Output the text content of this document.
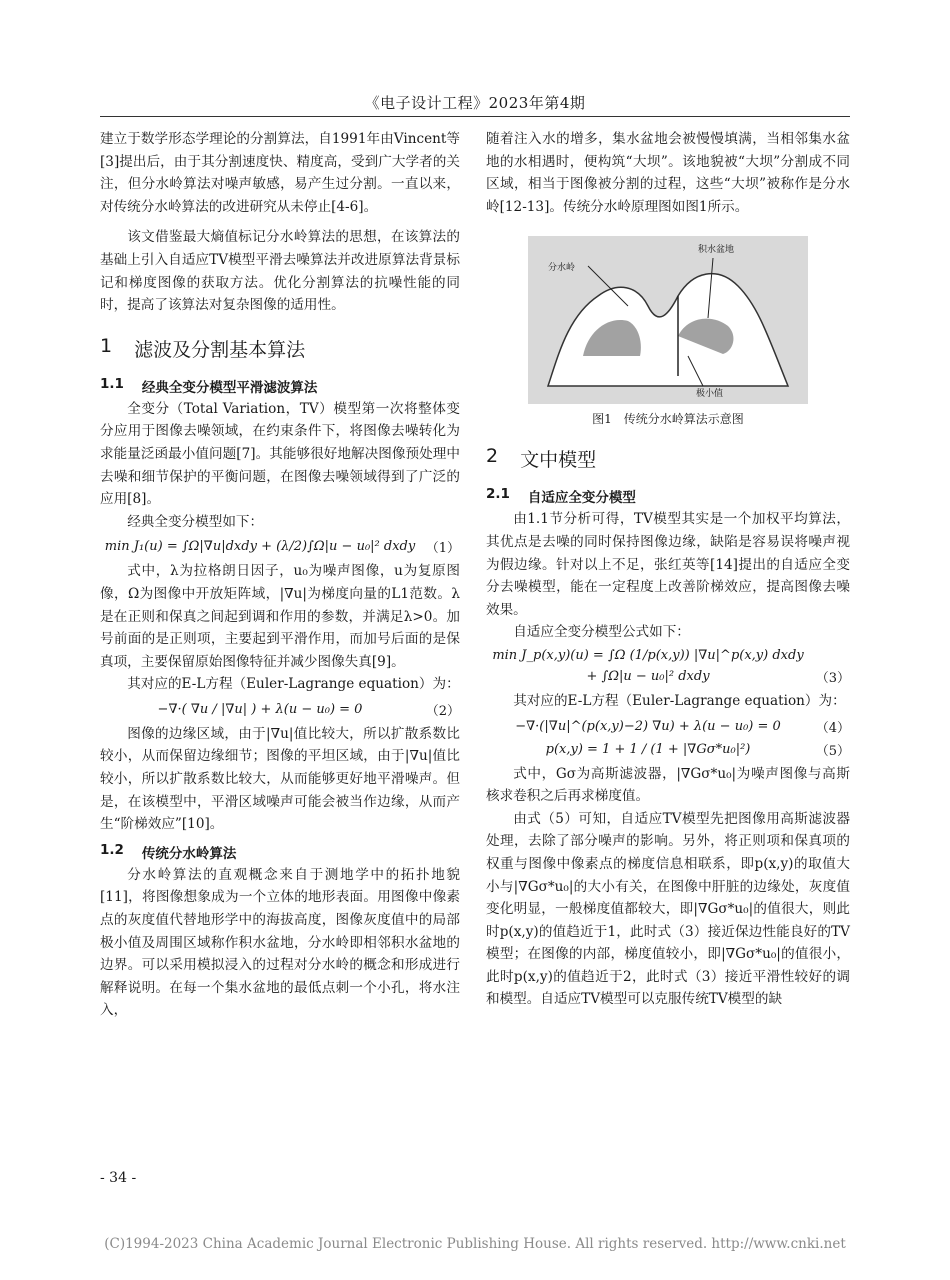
《电子设计工程》2023年第4期

建立于数学形态学理论的分割算法，自1991年由Vincent等[3]提出后，由于其分割速度快、精度高，受到广大学者的关注，但分水岭算法对噪声敏感，易产生过分割。一直以来，对传统分水岭算法的改进研究从未停止[4-6]。

该文借鉴最大熵值标记分水岭算法的思想，在该算法的基础上引入自适应TV模型平滑去噪算法并改进原算法背景标记和梯度图像的获取方法。优化分割算法的抗噪性能的同时，提高了该算法对复杂图像的适用性。

1 滤波及分割基本算法
1.1 经典全变分模型平滑滤波算法

全变分（Total Variation，TV）模型第一次将整体变分应用于图像去噪领域，在约束条件下，将图像去噪转化为求能量泛函最小值问题[7]。其能够很好地解决图像预处理中去噪和细节保护的平衡问题，在图像去噪领域得到了广泛的应用[8]。

经典全变分模型如下：

min J₁(u) = ∫Ω|∇u|dxdy + (λ/2)∫Ω|u − u₀|² dxdy （1）

式中，λ为拉格朗日因子，u₀为噪声图像，u为复原图像，Ω为图像中开放矩阵域，|∇u|为梯度向量的L1范数。λ是在正则和保真之间起到调和作用的参数，并满足λ>0。加号前面的是正则项，主要起到平滑作用，而加号后面的是保真项，主要保留原始图像特征并减少图像失真[9]。

其对应的E-L方程（Euler-Lagrange equation）为：

−∇·( ∇u / |∇u| ) + λ(u − u₀) = 0	（2）

图像的边缘区域，由于|∇u|值比较大，所以扩散系数比较小，从而保留边缘细节；图像的平坦区域，由于|∇u|值比较小，所以扩散系数比较大，从而能够更好地平滑噪声。但是，在该模型中，平滑区域噪声可能会被当作边缘，从而产生“阶梯效应”[10]。

1.2 传统分水岭算法

分水岭算法的直观概念来自于测地学中的拓扑地貌[11]，将图像想象成为一个立体的地形表面。用图像中像素点的灰度值代替地形学中的海拔高度，图像灰度值中的局部极小值及周围区域称作积水盆地，分水岭即相邻积水盆地的边界。可以采用模拟浸入的过程对分水岭的概念和形成进行解释说明。在每一个集水盆地的最低点刺一个小孔，将水注入，

随着注入水的增多，集水盆地会被慢慢填满，当相邻集水盆地的水相遇时，便构筑“大坝”。该地貌被“大坝”分割成不同区域，相当于图像被分割的过程，这些“大坝”被称作是分水岭[12-13]。传统分水岭原理图如图1所示。

积水盆地
分水岭
极小值
图1　传统分水岭算法示意图
2 文中模型
2.1 自适应全变分模型

由1.1节分析可得，TV模型其实是一个加权平均算法，其优点是去噪的同时保持图像边缘，缺陷是容易误将噪声视为假边缘。针对以上不足，张红英等[14]提出的自适应全变分去噪模型，能在一定程度上改善阶梯效应，提高图像去噪效果。

自适应全变分模型公式如下：

min J_p(x,y)(u) = ∫Ω (1/p(x,y)) |∇u|^p(x,y) dxdy
+ ∫Ω|u − u₀|² dxdy	（3）

其对应的E-L方程（Euler-Lagrange equation）为：

−∇·(|∇u|^(p(x,y)−2) ∇u) + λ(u − u₀) = 0	（4）
p(x,y) = 1 + 1 / (1 + |∇Gσ*u₀|²)	（5）

式中，Gσ为高斯滤波器，|∇Gσ*u₀|为噪声图像与高斯核求卷积之后再求梯度值。

由式（5）可知，自适应TV模型先把图像用高斯滤波器处理，去除了部分噪声的影响。另外，将正则项和保真项的权重与图像中像素点的梯度信息相联系，即p(x,y)的取值大小与|∇Gσ*u₀|的大小有关，在图像中肝脏的边缘处，灰度值变化明显，一般梯度值都较大，即|∇Gσ*u₀|的值很大，则此时p(x,y)的值趋近于1，此时式（3）接近保边性能良好的TV模型；在图像的内部，梯度值较小，即|∇Gσ*u₀|的值很小，此时p(x,y)的值趋近于2，此时式（3）接近平滑性较好的调和模型。自适应TV模型可以克服传统TV模型的缺

- 34 -
(C)1994-2023 China Academic Journal Electronic Publishing House. All rights reserved. http://www.cnki.net
